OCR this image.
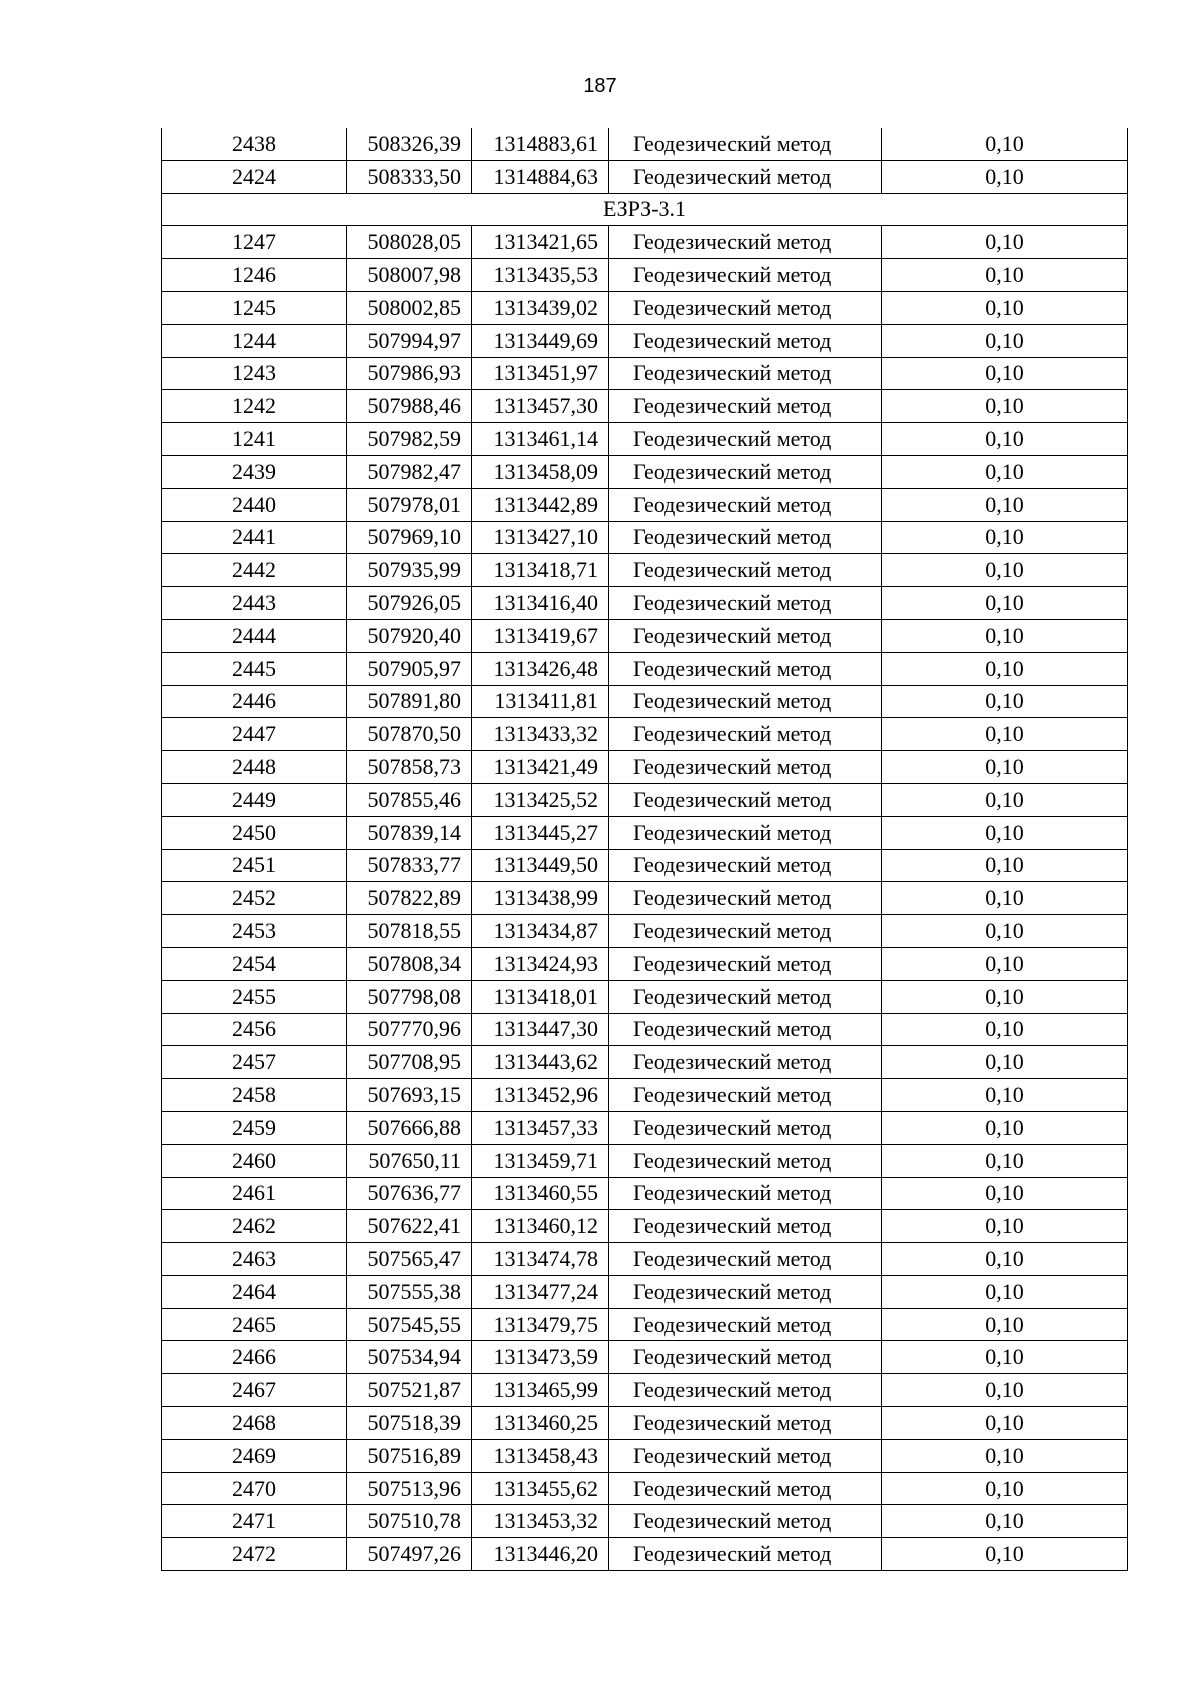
187
2438	508326,39	1314883,61	Геодезический метод	0,10
2424	508333,50	1314884,63	Геодезический метод	0,10
ЕЗРЗ-3.1				
1247	508028,05	1313421,65	Геодезический метод	0,10
1246	508007,98	1313435,53	Геодезический метод	0,10
1245	508002,85	1313439,02	Геодезический метод	0,10
1244	507994,97	1313449,69	Геодезический метод	0,10
1243	507986,93	1313451,97	Геодезический метод	0,10
1242	507988,46	1313457,30	Геодезический метод	0,10
1241	507982,59	1313461,14	Геодезический метод	0,10
2439	507982,47	1313458,09	Геодезический метод	0,10
2440	507978,01	1313442,89	Геодезический метод	0,10
2441	507969,10	1313427,10	Геодезический метод	0,10
2442	507935,99	1313418,71	Геодезический метод	0,10
2443	507926,05	1313416,40	Геодезический метод	0,10
2444	507920,40	1313419,67	Геодезический метод	0,10
2445	507905,97	1313426,48	Геодезический метод	0,10
2446	507891,80	1313411,81	Геодезический метод	0,10
2447	507870,50	1313433,32	Геодезический метод	0,10
2448	507858,73	1313421,49	Геодезический метод	0,10
2449	507855,46	1313425,52	Геодезический метод	0,10
2450	507839,14	1313445,27	Геодезический метод	0,10
2451	507833,77	1313449,50	Геодезический метод	0,10
2452	507822,89	1313438,99	Геодезический метод	0,10
2453	507818,55	1313434,87	Геодезический метод	0,10
2454	507808,34	1313424,93	Геодезический метод	0,10
2455	507798,08	1313418,01	Геодезический метод	0,10
2456	507770,96	1313447,30	Геодезический метод	0,10
2457	507708,95	1313443,62	Геодезический метод	0,10
2458	507693,15	1313452,96	Геодезический метод	0,10
2459	507666,88	1313457,33	Геодезический метод	0,10
2460	507650,11	1313459,71	Геодезический метод	0,10
2461	507636,77	1313460,55	Геодезический метод	0,10
2462	507622,41	1313460,12	Геодезический метод	0,10
2463	507565,47	1313474,78	Геодезический метод	0,10
2464	507555,38	1313477,24	Геодезический метод	0,10
2465	507545,55	1313479,75	Геодезический метод	0,10
2466	507534,94	1313473,59	Геодезический метод	0,10
2467	507521,87	1313465,99	Геодезический метод	0,10
2468	507518,39	1313460,25	Геодезический метод	0,10
2469	507516,89	1313458,43	Геодезический метод	0,10
2470	507513,96	1313455,62	Геодезический метод	0,10
2471	507510,78	1313453,32	Геодезический метод	0,10
2472	507497,26	1313446,20	Геодезический метод	0,10
